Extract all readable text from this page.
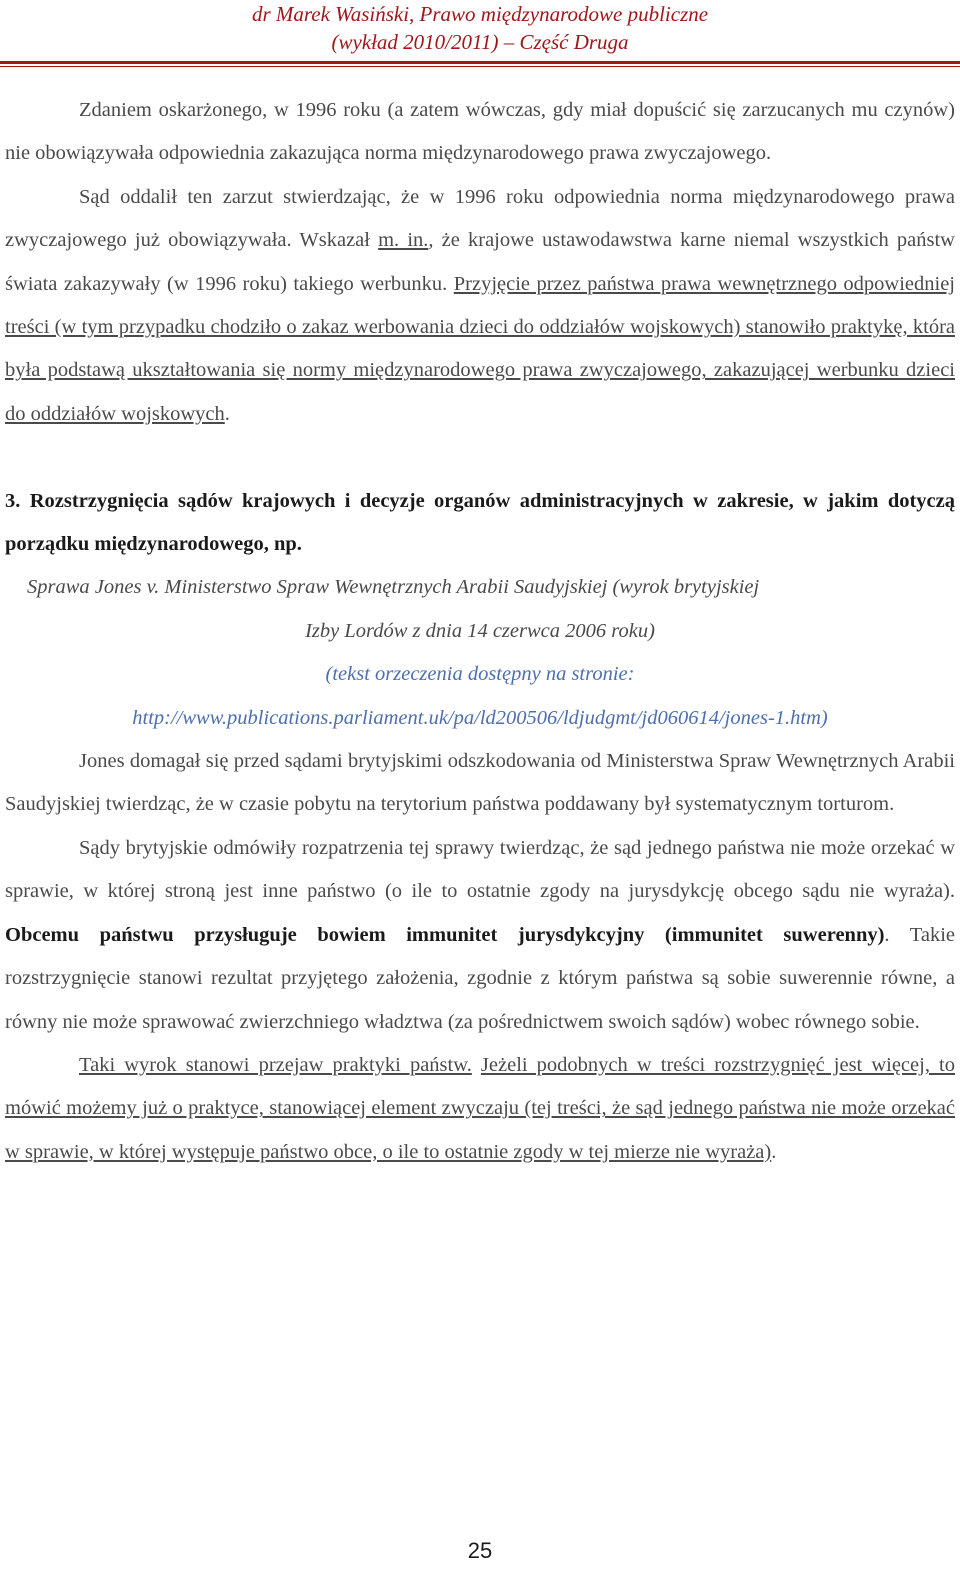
dr Marek Wasiński, Prawo międzynarodowe publiczne
(wykład 2010/2011) – Część Druga

Zdaniem oskarżonego, w 1996 roku (a zatem wówczas, gdy miał dopuścić się zarzucanych mu czynów) nie obowiązywała odpowiednia zakazująca norma międzynarodowego prawa zwyczajowego.

Sąd oddalił ten zarzut stwierdzając, że w 1996 roku odpowiednia norma międzynarodowego prawa zwyczajowego już obowiązywała. Wskazał m. in., że krajowe ustawodawstwa karne niemal wszystkich państw świata zakazywały (w 1996 roku) takiego werbunku. Przyjęcie przez państwa prawa wewnętrznego odpowiedniej treści (w tym przypadku chodziło o zakaz werbowania dzieci do oddziałów wojskowych) stanowiło praktykę, która była podstawą ukształtowania się normy międzynarodowego prawa zwyczajowego, zakazującej werbunku dzieci do oddziałów wojskowych.

3. Rozstrzygnięcia sądów krajowych i decyzje organów administracyjnych w zakresie, w jakim dotyczą porządku międzynarodowego, np.

Sprawa Jones v. Ministerstwo Spraw Wewnętrznych Arabii Saudyjskiej (wyrok brytyjskiej

Izby Lordów z dnia 14 czerwca 2006 roku)

(tekst orzeczenia dostępny na stronie:

http://www.publications.parliament.uk/pa/ld200506/ldjudgmt/jd060614/jones-1.htm)

Jones domagał się przed sądami brytyjskimi odszkodowania od Ministerstwa Spraw Wewnętrznych Arabii Saudyjskiej twierdząc, że w czasie pobytu na terytorium państwa poddawany był systematycznym torturom.

Sądy brytyjskie odmówiły rozpatrzenia tej sprawy twierdząc, że sąd jednego państwa nie może orzekać w sprawie, w której stroną jest inne państwo (o ile to ostatnie zgody na jurysdykcję obcego sądu nie wyraża). Obcemu państwu przysługuje bowiem immunitet jurysdykcyjny (immunitet suwerenny). Takie rozstrzygnięcie stanowi rezultat przyjętego założenia, zgodnie z którym państwa są sobie suwerennie równe, a równy nie może sprawować zwierzchniego władztwa (za pośrednictwem swoich sądów) wobec równego sobie.

Taki wyrok stanowi przejaw praktyki państw. Jeżeli podobnych w treści rozstrzygnięć jest więcej, to mówić możemy już o praktyce, stanowiącej element zwyczaju (tej treści, że sąd jednego państwa nie może orzekać w sprawie, w której występuje państwo obce, o ile to ostatnie zgody w tej mierze nie wyraża).

25
